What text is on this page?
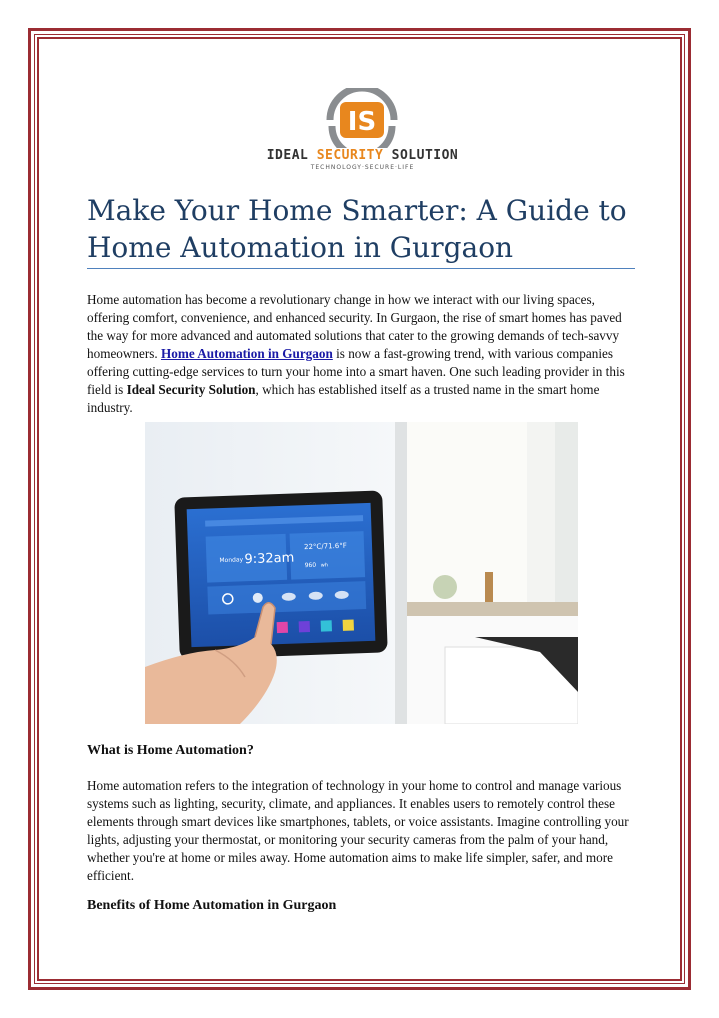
IS
IDEAL SECURITY SOLUTION
TECHNOLOGY·SECURE·LIFE
Make Your Home Smarter: A Guide to
Home Automation in Gurgaon

Home automation has become a revolutionary change in how we interact with our living spaces, offering comfort, convenience, and enhanced security. In Gurgaon, the rise of smart homes has paved the way for more advanced and automated solutions that cater to the growing demands of tech-savvy homeowners. Home Automation in Gurgaon is now a fast-growing trend, with various companies offering cutting-edge services to turn your home into a smart haven. One such leading provider in this field is Ideal Security Solution, which has established itself as a trusted name in the smart home industry.

Monday 9:32am
22°C/71.6°F
960 wh
What is Home Automation?

Home automation refers to the integration of technology in your home to control and manage various systems such as lighting, security, climate, and appliances. It enables users to remotely control these elements through smart devices like smartphones, tablets, or voice assistants. Imagine controlling your lights, adjusting your thermostat, or monitoring your security cameras from the palm of your hand, whether you're at home or miles away. Home automation aims to make life simpler, safer, and more efficient.

Benefits of Home Automation in Gurgaon
